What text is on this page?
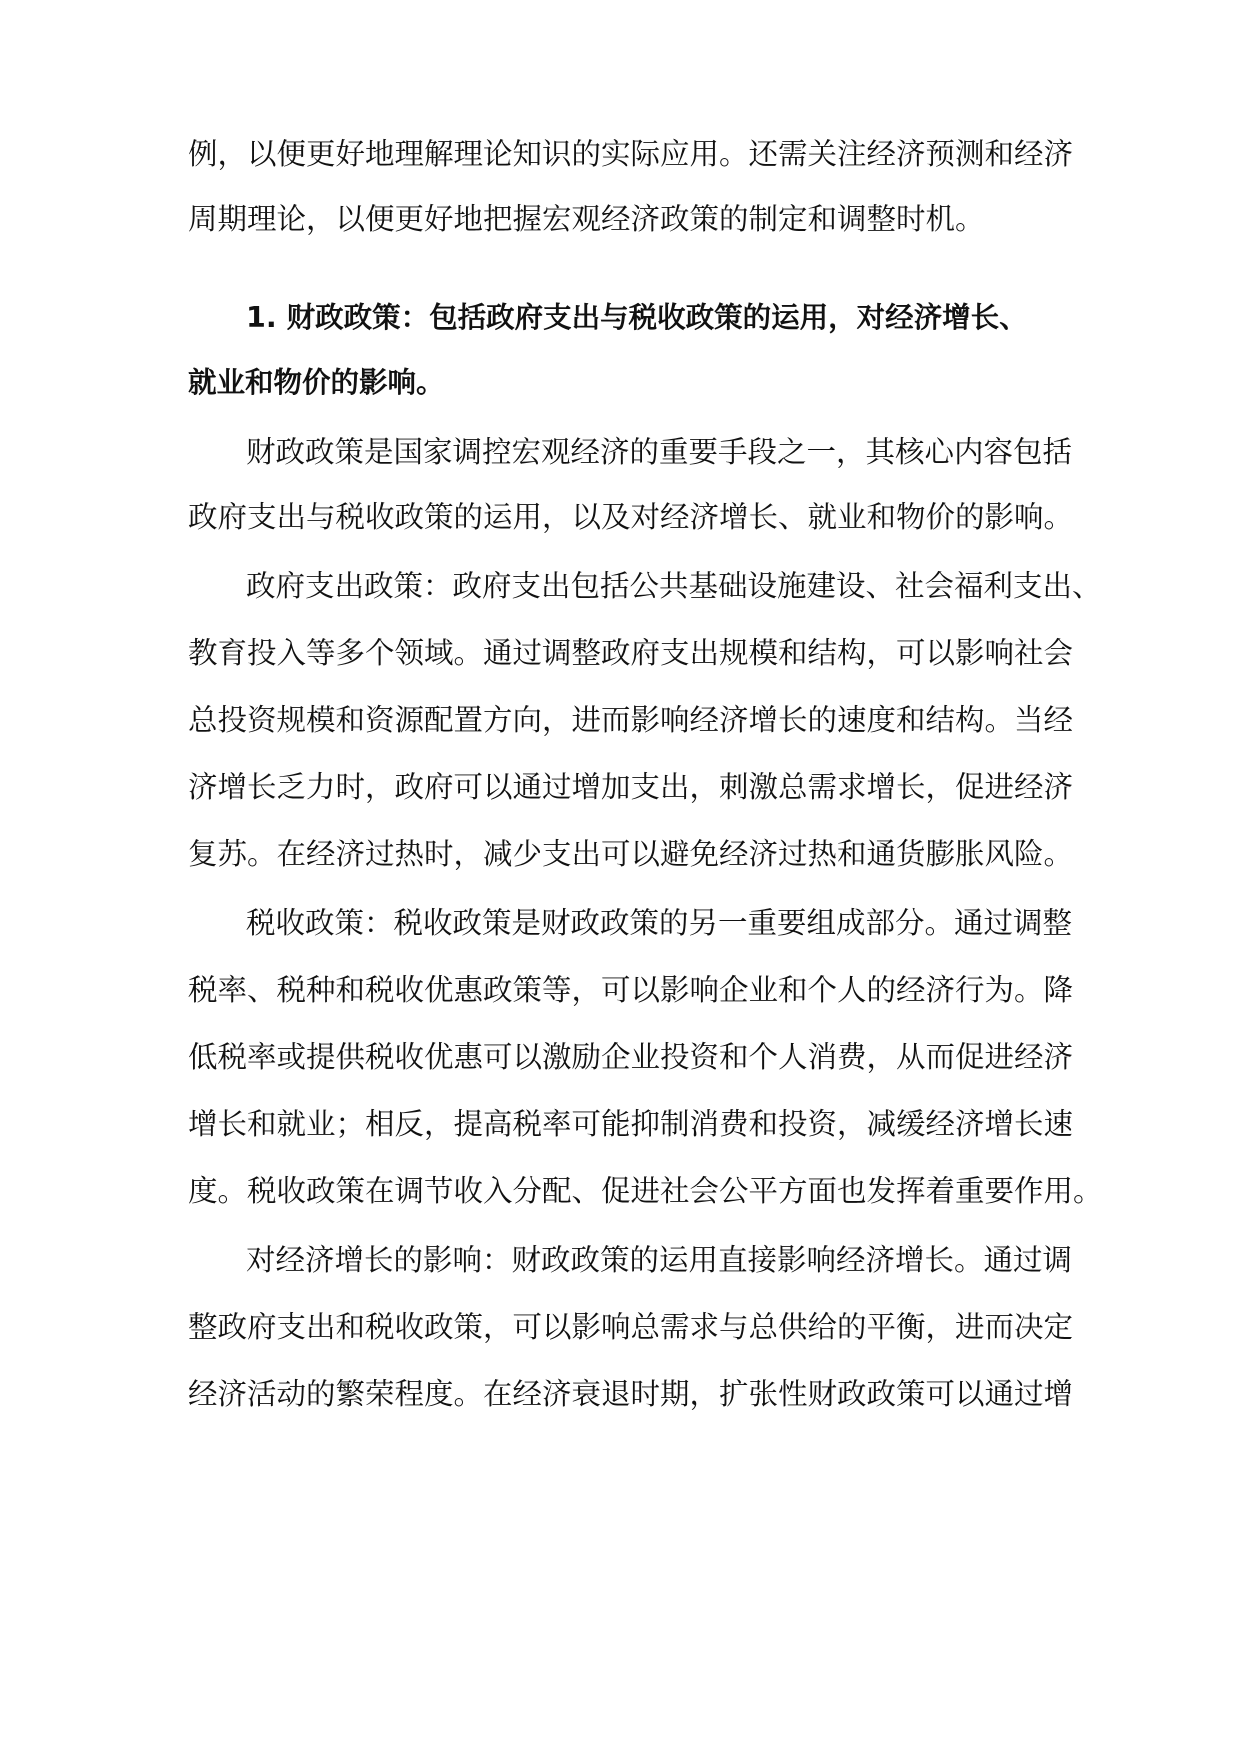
例，以便更好地理解理论知识的实际应用。还需关注经济预测和经济
周期理论，以便更好地把握宏观经济政策的制定和调整时机。
1. 财政政策：包括政府支出与税收政策的运用，对经济增长、
就业和物价的影响。
财政政策是国家调控宏观经济的重要手段之一，其核心内容包括
政府支出与税收政策的运用，以及对经济增长、就业和物价的影响。
政府支出政策：政府支出包括公共基础设施建设、社会福利支出、
教育投入等多个领域。通过调整政府支出规模和结构，可以影响社会
总投资规模和资源配置方向，进而影响经济增长的速度和结构。当经
济增长乏力时，政府可以通过增加支出，刺激总需求增长，促进经济
复苏。在经济过热时，减少支出可以避免经济过热和通货膨胀风险。
税收政策：税收政策是财政政策的另一重要组成部分。通过调整
税率、税种和税收优惠政策等，可以影响企业和个人的经济行为。降
低税率或提供税收优惠可以激励企业投资和个人消费，从而促进经济
增长和就业；相反，提高税率可能抑制消费和投资，减缓经济增长速
度。税收政策在调节收入分配、促进社会公平方面也发挥着重要作用。
对经济增长的影响：财政政策的运用直接影响经济增长。通过调
整政府支出和税收政策，可以影响总需求与总供给的平衡，进而决定
经济活动的繁荣程度。在经济衰退时期，扩张性财政政策可以通过增
